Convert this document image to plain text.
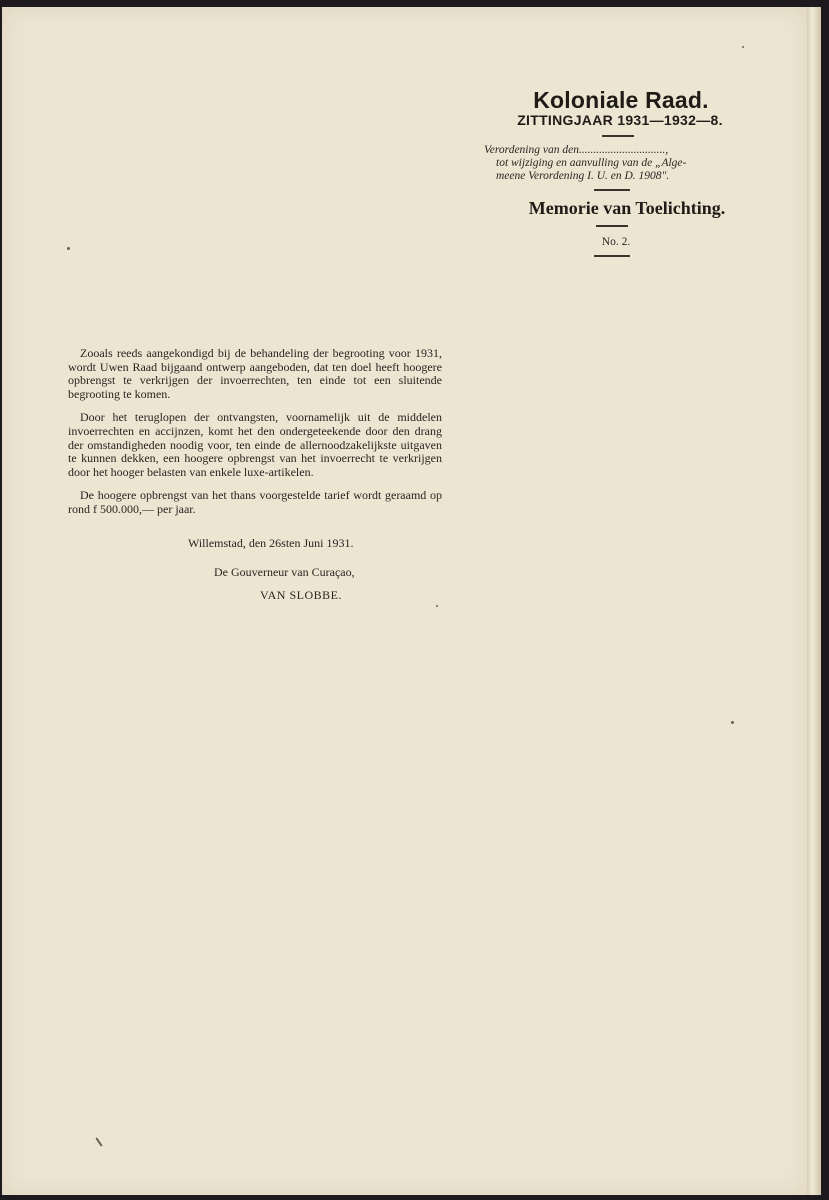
Koloniale Raad.
ZITTINGJAAR 1931—1932—8.
Verordening van den..............................,
tot wijziging en aanvulling van de „Alge-
meene Verordening I. U. en D. 1908".
Memorie van Toelichting.
No. 2.

Zooals reeds aangekondigd bij de behandeling der begrooting voor 1931, wordt Uwen Raad bijgaand ontwerp aangeboden, dat ten doel heeft hoogere opbrengst te verkrijgen der invoerrechten, ten einde tot een sluitende begrooting te komen.

Door het teruglopen der ontvangsten, voornamelijk uit de middelen invoerrechten en accijnzen, komt het den ondergeteekende door den drang der omstandigheden noodig voor, ten einde de allernoodzakelijkste uitgaven te kunnen dekken, een hoogere opbrengst van het invoerrecht te verkrijgen door het hooger belasten van enkele luxe-artikelen.

De hoogere opbrengst van het thans voorgestelde tarief wordt geraamd op rond f 500.000,— per jaar.

Willemstad, den 26sten Juni 1931.
De Gouverneur van Curaçao,
VAN SLOBBE.
